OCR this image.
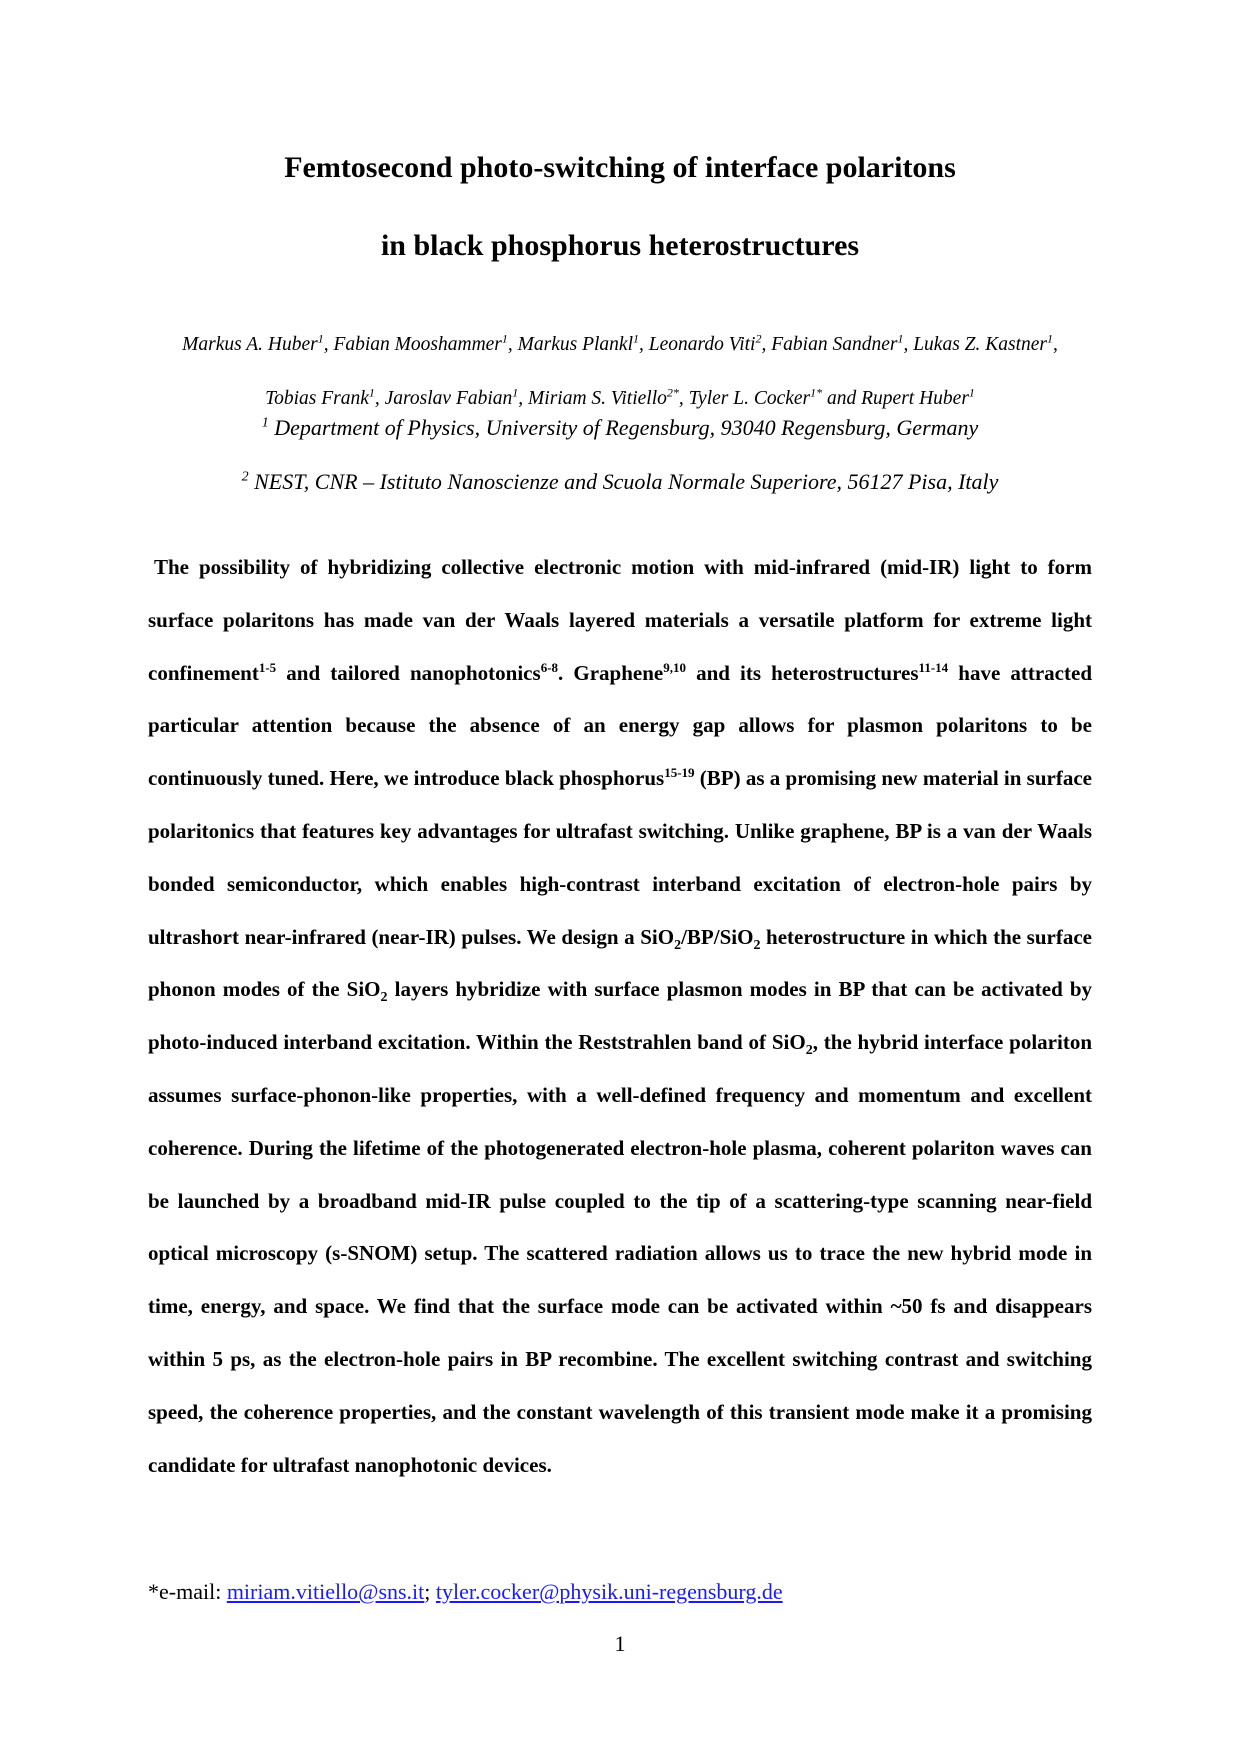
Femtosecond photo-switching of interface polaritons
in black phosphorus heterostructures
Markus A. Huber$^1$, Fabian Mooshammer$^1$, Markus Plankl$^1$, Leonardo Viti$^2$, Fabian Sandner$^1$, Lukas Z. Kastner$^1$,
Tobias Frank$^1$, Jaroslav Fabian$^1$, Miriam S. Vitiello$^{2*}$, Tyler L. Cocker$^{1*}$ and Rupert Huber$^1$
$^1$ Department of Physics, University of Regensburg, 93040 Regensburg, Germany
$^2$ NEST, CNR – Istituto Nanoscienze and Scuola Normale Superiore, 56127 Pisa, Italy

The possibility of hybridizing collective electronic motion with mid-infrared (mid-IR) light to form surface polaritons has made van der Waals layered materials a versatile platform for extreme light confinement$^{1-5}$ and tailored nanophotonics$^{6-8}$. Graphene$^{9,10}$ and its heterostructures$^{11-14}$ have attracted particular attention because the absence of an energy gap allows for plasmon polaritons to be continuously tuned. Here, we introduce black phosphorus$^{15-19}$ (BP) as a promising new material in surface polaritonics that features key advantages for ultrafast switching. Unlike graphene, BP is a van der Waals bonded semiconductor, which enables high-contrast interband excitation of electron-hole pairs by ultrashort near-infrared (near-IR) pulses. We design a SiO$_2$/BP/SiO$_2$ heterostructure in which the surface phonon modes of the SiO$_2$ layers hybridize with surface plasmon modes in BP that can be activated by photo-induced interband excitation. Within the Reststrahlen band of SiO$_2$, the hybrid interface polariton assumes surface-phonon-like properties, with a well-defined frequency and momentum and excellent coherence. During the lifetime of the photogenerated electron-hole plasma, coherent polariton waves can be launched by a broadband mid-IR pulse coupled to the tip of a scattering-type scanning near-field optical microscopy (s-SNOM) setup. The scattered radiation allows us to trace the new hybrid mode in time, energy, and space. We find that the surface mode can be activated within ~50 fs and disappears within 5 ps, as the electron-hole pairs in BP recombine. The excellent switching contrast and switching speed, the coherence properties, and the constant wavelength of this transient mode make it a promising candidate for ultrafast nanophotonic devices.

*e-mail: miriam.vitiello@sns.it; tyler.cocker@physik.uni-regensburg.de
1
